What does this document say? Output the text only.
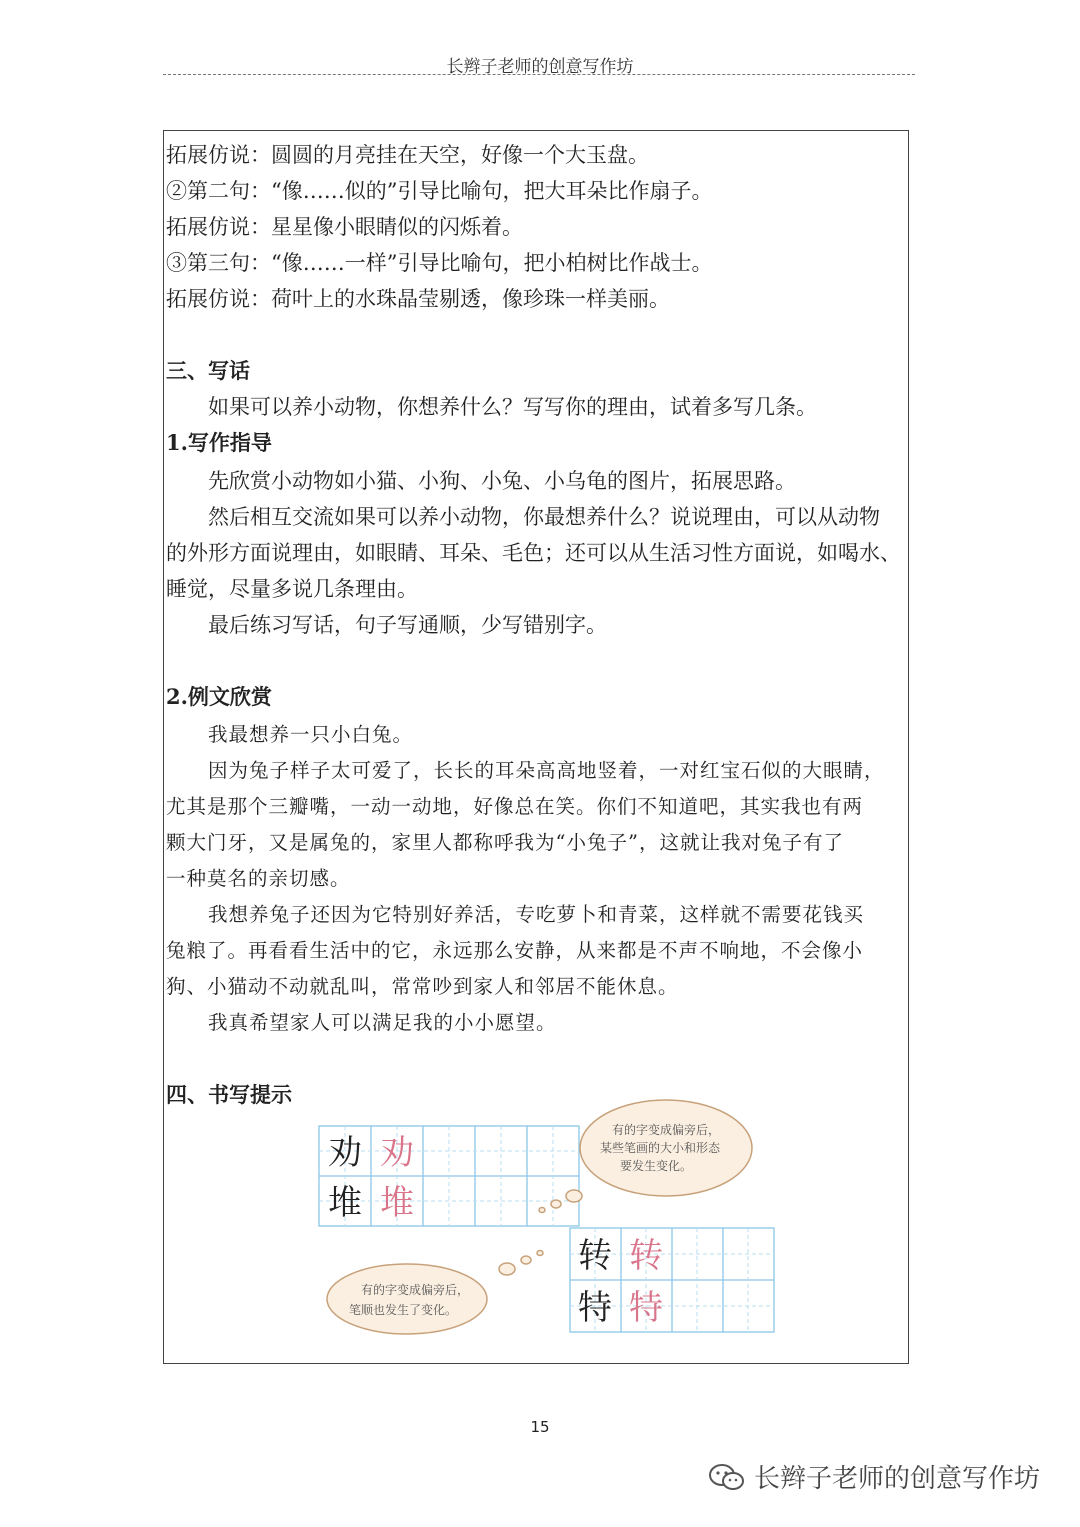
长辫子老师的创意写作坊
拓展仿说：圆圆的月亮挂在天空，好像一个大玉盘。
②第二句：“像……似的”引导比喻句，把大耳朵比作扇子。
拓展仿说：星星像小眼睛似的闪烁着。
③第三句：“像……一样”引导比喻句，把小柏树比作战士。
拓展仿说：荷叶上的水珠晶莹剔透，像珍珠一样美丽。
三、写话
如果可以养小动物，你想养什么？写写你的理由，试着多写几条。
1.写作指导
先欣赏小动物如小猫、小狗、小兔、小乌龟的图片，拓展思路。
然后相互交流如果可以养小动物，你最想养什么？说说理由，可以从动物
的外形方面说理由，如眼睛、耳朵、毛色；还可以从生活习性方面说，如喝水、
睡觉，尽量多说几条理由。
最后练习写话，句子写通顺，少写错别字。
2.例文欣赏
我最想养一只小白兔。
因为兔子样子太可爱了，长长的耳朵高高地竖着，一对红宝石似的大眼睛，
尤其是那个三瓣嘴，一动一动地，好像总在笑。你们不知道吧，其实我也有两
颗大门牙，又是属兔的，家里人都称呼我为“小兔子”，这就让我对兔子有了
一种莫名的亲切感。
我想养兔子还因为它特别好养活，专吃萝卜和青菜，这样就不需要花钱买
兔粮了。再看看生活中的它，永远那么安静，从来都是不声不响地，不会像小
狗、小猫动不动就乱叫，常常吵到家人和邻居不能休息。
我真希望家人可以满足我的小小愿望。
四、书写提示
劝
堆
劝
堆
有的字变成偏旁后，
某些笔画的大小和形态
要发生变化。
转
特
转
特
有的字变成偏旁后，
笔顺也发生了变化。
15
长辫子老师的创意写作坊
